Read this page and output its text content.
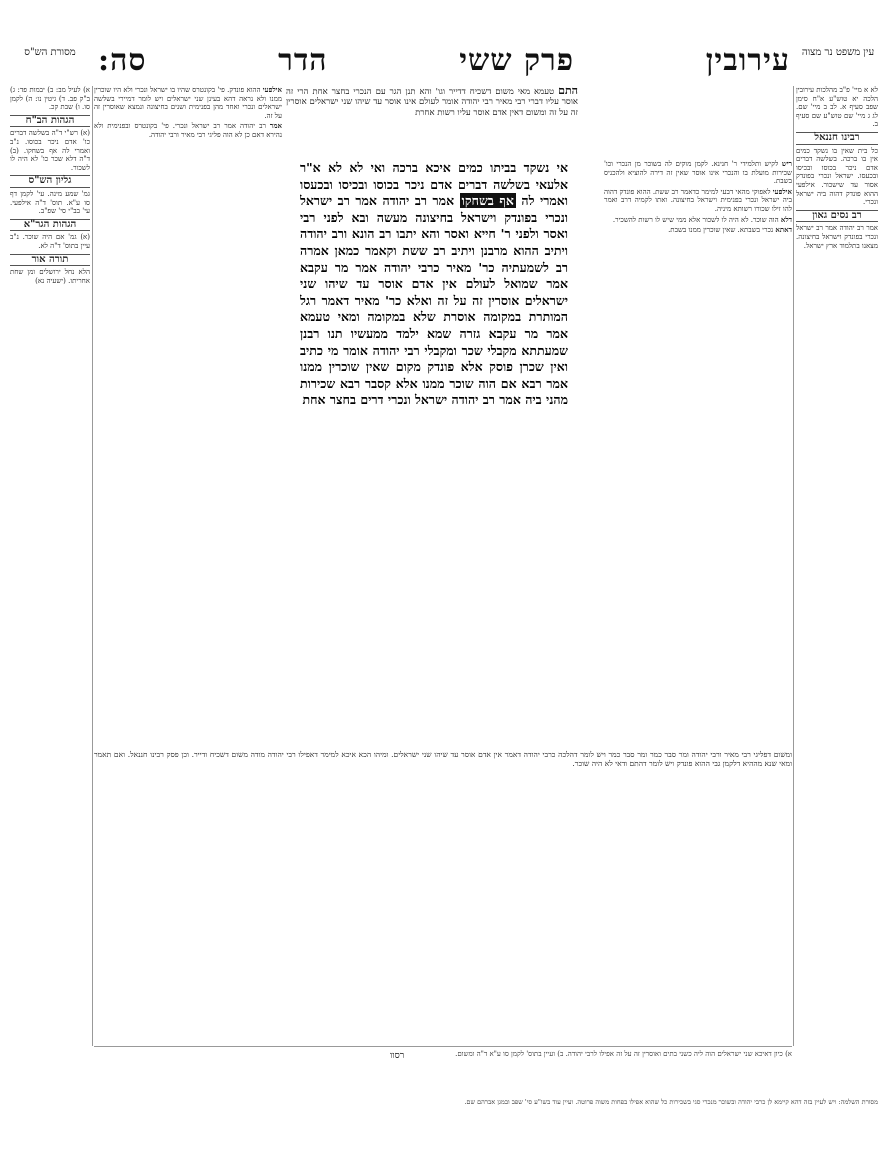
מסורת הש"ס	עירובין
פרק ששי
הדר
סה:	עין משפט נר מצוה

לא א מיי' פ"ב מהלכות עירובין הלכה יא טוש"ע א"ח סימן שפב סעיף א. לב ב מיי' שם. לג ג מיי' שם טוש"ע שם סעיף ב.

רבינו חננאל

כל בית שאין בו נשקד כמים אין בו ברכה. בשלשה דברים אדם ניכר בכוסו ובכיסו ובכעסו. ישראל ונכרי בפונדק אסור עד שישכור. אילפעי ההוא פונדק דהוה ביה ישראל ונכרי.

רב נסים גאון

אמר רב יהודה אמר רב ישראל ונכרי בפונדק וישראל בחיצונה. מצאנו בתלמוד ארץ ישראל.

א) לעיל מב: ב) יבמות פד: ג) ב"ק פב. ד) גיטין נו: ה) לקמן סו. ו) שבת קכ.

הגהות הב"ח

(א) רש"י ד"ה בשלשה דברים כו' אדם ניכר בכוסו. נ"ב ואמרי לה אף בשחקו. (ב) ד"ה דלא שכר כו' לא היה לו לשכור.

גליון הש"ס

גמ' שמע מינה. עי' לקמן דף סו ע"א. תוס' ד"ה אילפעי. עי' בב"י סי' שפ"ב.

הגהות הגר"א

(א) גמ' אם היה שוכר. נ"ב עיין בתוס' ד"ה לא.

תורה אור

הלא נחל ירושלים ומן שחת אחריתו. (ישעיה נא)

התם טעמא מאי משום דשכיח דדייר וגו' והא תנן הגר עם הנכרי בחצר אחת הרי זה אוסר עליו דברי רבי מאיר רבי יהודה אומר לעולם אינו אוסר עד שיהו שני ישראלים אוסרין זה על זה ומשום דאין אדם אוסר עליו רשות אחרת

ריש לקיש ותלמידי ר' חנינא. לקמן מוקים לה בשוכר מן הנכרי וכו' שכירות מועלת בו והנכרי אינו אוסר שאין זה דירה להוציא ולהכניס בשבת.

אילפעי לאפוקי מהאי דבעי למימר כדאמר רב ששת. ההוא פונדק דהוה ביה ישראל ונכרי בפנימית וישראל בחיצונה. ואתו לקמיה דרב ואמר להו זילו שכורו רשותא מיניה.

דלא הוה שוכר. לא היה לו לשכור אלא ממי שיש לו רשות להשכיר.

דאתא נכרי בשבתא. שאין שוכרין ממנו בשבת.

אילפעי ההוא פונדק. פי' בקונטרס שהיו בו ישראל ונכרי ולא היו שוכרין ממנו ולא נראה דהא בעינן שני ישראלים ויש לומר דמיירי בשלשה ישראלים ונכרי ואחד מהן בפנימית ושנים בחיצונה ונמצא שאוסרין זה על זה.

אמר רב יהודה אמר רב ישראל ונכרי. פי' בקונטרס ובפנימית ולא נהירא דאם כן לא הוה פליגי רבי מאיר ורבי יהודה.

אי נשקד בביתו כמים איכא ברכה ואי לא לא א"ר אלעאי בשלשה דברים אדם ניכר בכוסו ובכיסו ובכעסו ואמרי לה אף בשחקו אמר רב יהודה אמר רב ישראל ונכרי בפונדק וישראל בחיצונה מעשה ובא לפני רבי ואסר ולפני ר' חייא ואסר והא יתבו רב הונא ורב יהודה ויתיב ההוא מרבנן ויתיב רב ששת וקאמר כמאן אמרה רב לשמעתיה כר' מאיר כרבי יהודה אמר מר עקבא אמר שמואל לעולם אין אדם אוסר עד שיהו שני ישראלים אוסרין זה על זה ואלא כר' מאיר דאמר רגל המותרת במקומה אוסרת שלא במקומה ומאי טעמא אמר מר עקבא גזרה שמא ילמד ממעשיו תנו רבנן שמעתתא מקבלי שכר ומקבלי רבי יהודה אומר מי כתיב ואין שכרן פוסק אלא פונדק מקום שאין שוכרין ממנו אמר רבא אם הוה שוכר ממנו אלא קסבר רבא שכירות מהני ביה אמר רב יהודה ישראל ונכרי דרים בחצר אחת
ומשום דפליגי רבי מאיר ורבי יהודה ומר סבר כמר ומר סבר כמר ויש לומר דהלכה כרבי יהודה דאמר אין אדם אוסר עד שיהו שני ישראלים. ומיהו הכא איכא למימר דאפילו רבי יהודה מודה משום דשכיח ודייר. וכן פסק רבינו חננאל. ואם תאמר ומאי שנא מההיא דלקמן גבי ההוא פונדק ויש לומר דהתם ודאי לא היה שוכר.
א) כיון דאיכא שני ישראלים הוה ליה כשני בתים ואוסרין זה על זה אפילו לרבי יהודה. ב) ועיין בתוס' לקמן סו ע"א ד"ה ומשום.
מסורת השלמה: ויש לעיין בזה דהא קיימא לן כרבי יהודה ובשוכר מנכרי סגי בשכירות כל שהוא אפילו בפחות משוה פרוטה. ועיין עוד בשו"ע סי' שפב ובמגן אברהם שם.
רסוו
